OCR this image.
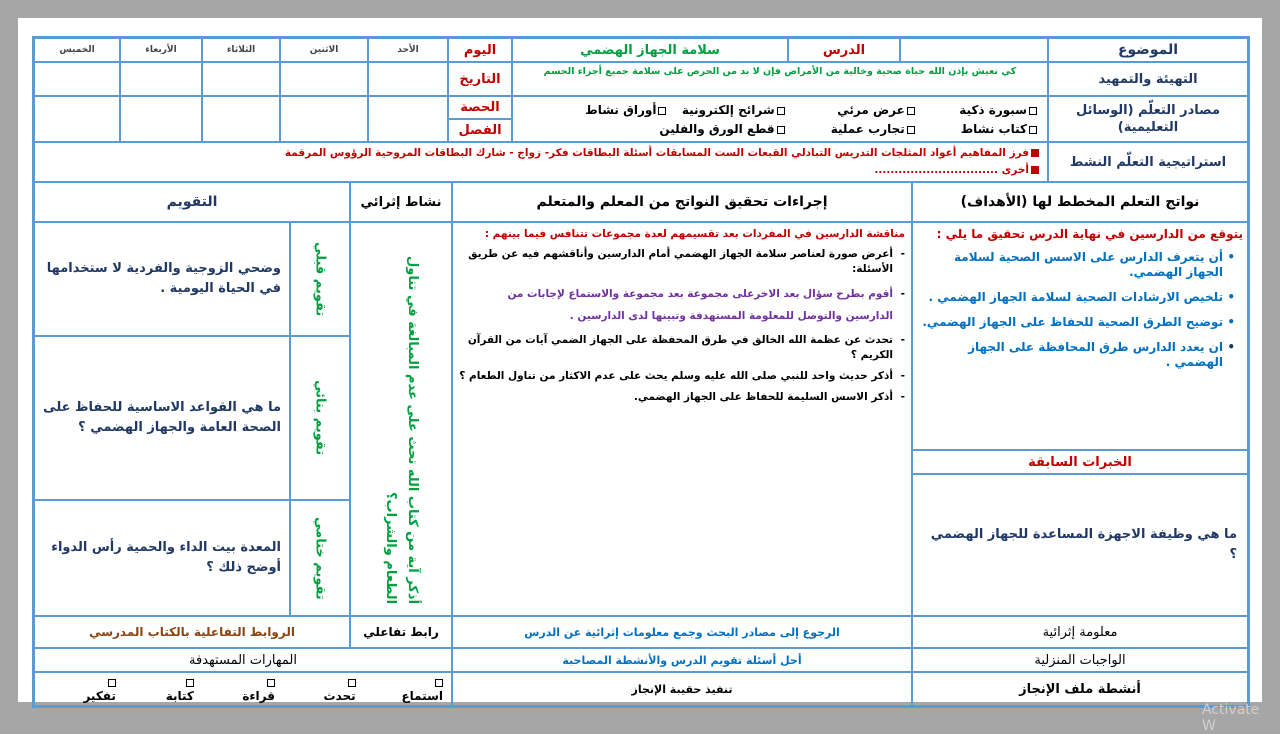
الموضوع
الدرس
سلامة الجهاز الهضمي
اليوم
الأحد
الاثنين
الثلاثاء
الأربعاء
الخميس
التهيئة والتمهيد
كي نعيش بإذن الله حياة صحية وخالية من الأمراض فإن لا بد من الحرص على سلامة جميع أجزاء الجسم
التاريخ
مصادر التعلّم (الوسائل التعليمية)
سبورة ذكية عرض مرئي شرائح إلكترونية أوراق نشاط
كتاب نشاط تجارب عملية قطع الورق والفلين
الحصة
الفصل
استراتيجية التعلّم النشط
فرز المفاهيم أعواد المثلجات التدريس التبادلي القبعات الست المسابقات أسئلة البطاقات فكر- زواج - شارك البطاقات المروحية الرؤوس المرقمة
أخرى ...............................
نواتج التعلم المخطط لها (الأهداف)
إجراءات تحقيق النواتج من المعلم والمتعلم
نشاط إثرائي
التقويم
يتوقع من الدارسين في نهاية الدرس تحقيق ما يلي :
• أن يتعرف الدارس على الاسس الصحية لسلامة الجهاز الهضمي.
• تلخيص الارشادات الصحية لسلامة الجهاز الهضمي .
• توضيح الطرق الصحية للحفاظ على الجهاز الهضمي.
• ان يعدد الدارس طرق المحافظة على الجهاز الهضمي .
الخبرات السابقة
ما هي وظيفة الاجهزة المساعدة للجهاز الهضمي ؟
مناقشة الدارسين في المفردات بعد تقسيمهم لعدة مجموعات تتنافس فيما بينهم :

- أعرض صورة لعناصر سلامة الجهاز الهضمي أمام الدارسين وأناقشهم فيه عن طريق الأسئلة:

- أقوم بطرح سؤال بعد الاخرعلى مجموعة بعد مجموعة والاستماع لإجابات من الدارسين والتوصل للمعلومة المستهدفة وتبينها لدى الدارسين .

- تحدث عن عظمة الله الخالق في طرق المحفظة على الجهاز الضمي آيات من القرآن الكريم ؟

- أذكر حديث واحد للنبي صلى الله عليه وسلم يحث على عدم الاكثار من تناول الطعام ؟

- أذكر الاسس السليمة للحفاظ على الجهاز الهضمي.

أذكر آية من كتاب الله تحث على عدم المبالغة في تناول الطعام والشراب؟
تقويم قبلي
وضحي الزوجية والفردية لا ستخدامها في الحياة اليومية .
تقويم بنائي
ما هي القواعد الاساسية للحفاظ على الصحة العامة والجهاز الهضمي ؟
تقويم ختامي
المعدة بيت الداء والحمية رأس الدواء أوضح ذلك ؟
معلومة إثرائية
الرجوع إلى مصادر البحث وجمع معلومات إثرائية عن الدرس
رابط تفاعلي
الروابط التفاعلية بالكتاب المدرسي
الواجبات المنزلية
أحل أسئلة تقويم الدرس والأنشطة المصاحبة
المهارات المستهدفة
أنشطة ملف الإنجاز
تنفيذ حقيبة الإنجاز
استماع
تحدث
قراءة
كتابة
تفكير
Activate W
